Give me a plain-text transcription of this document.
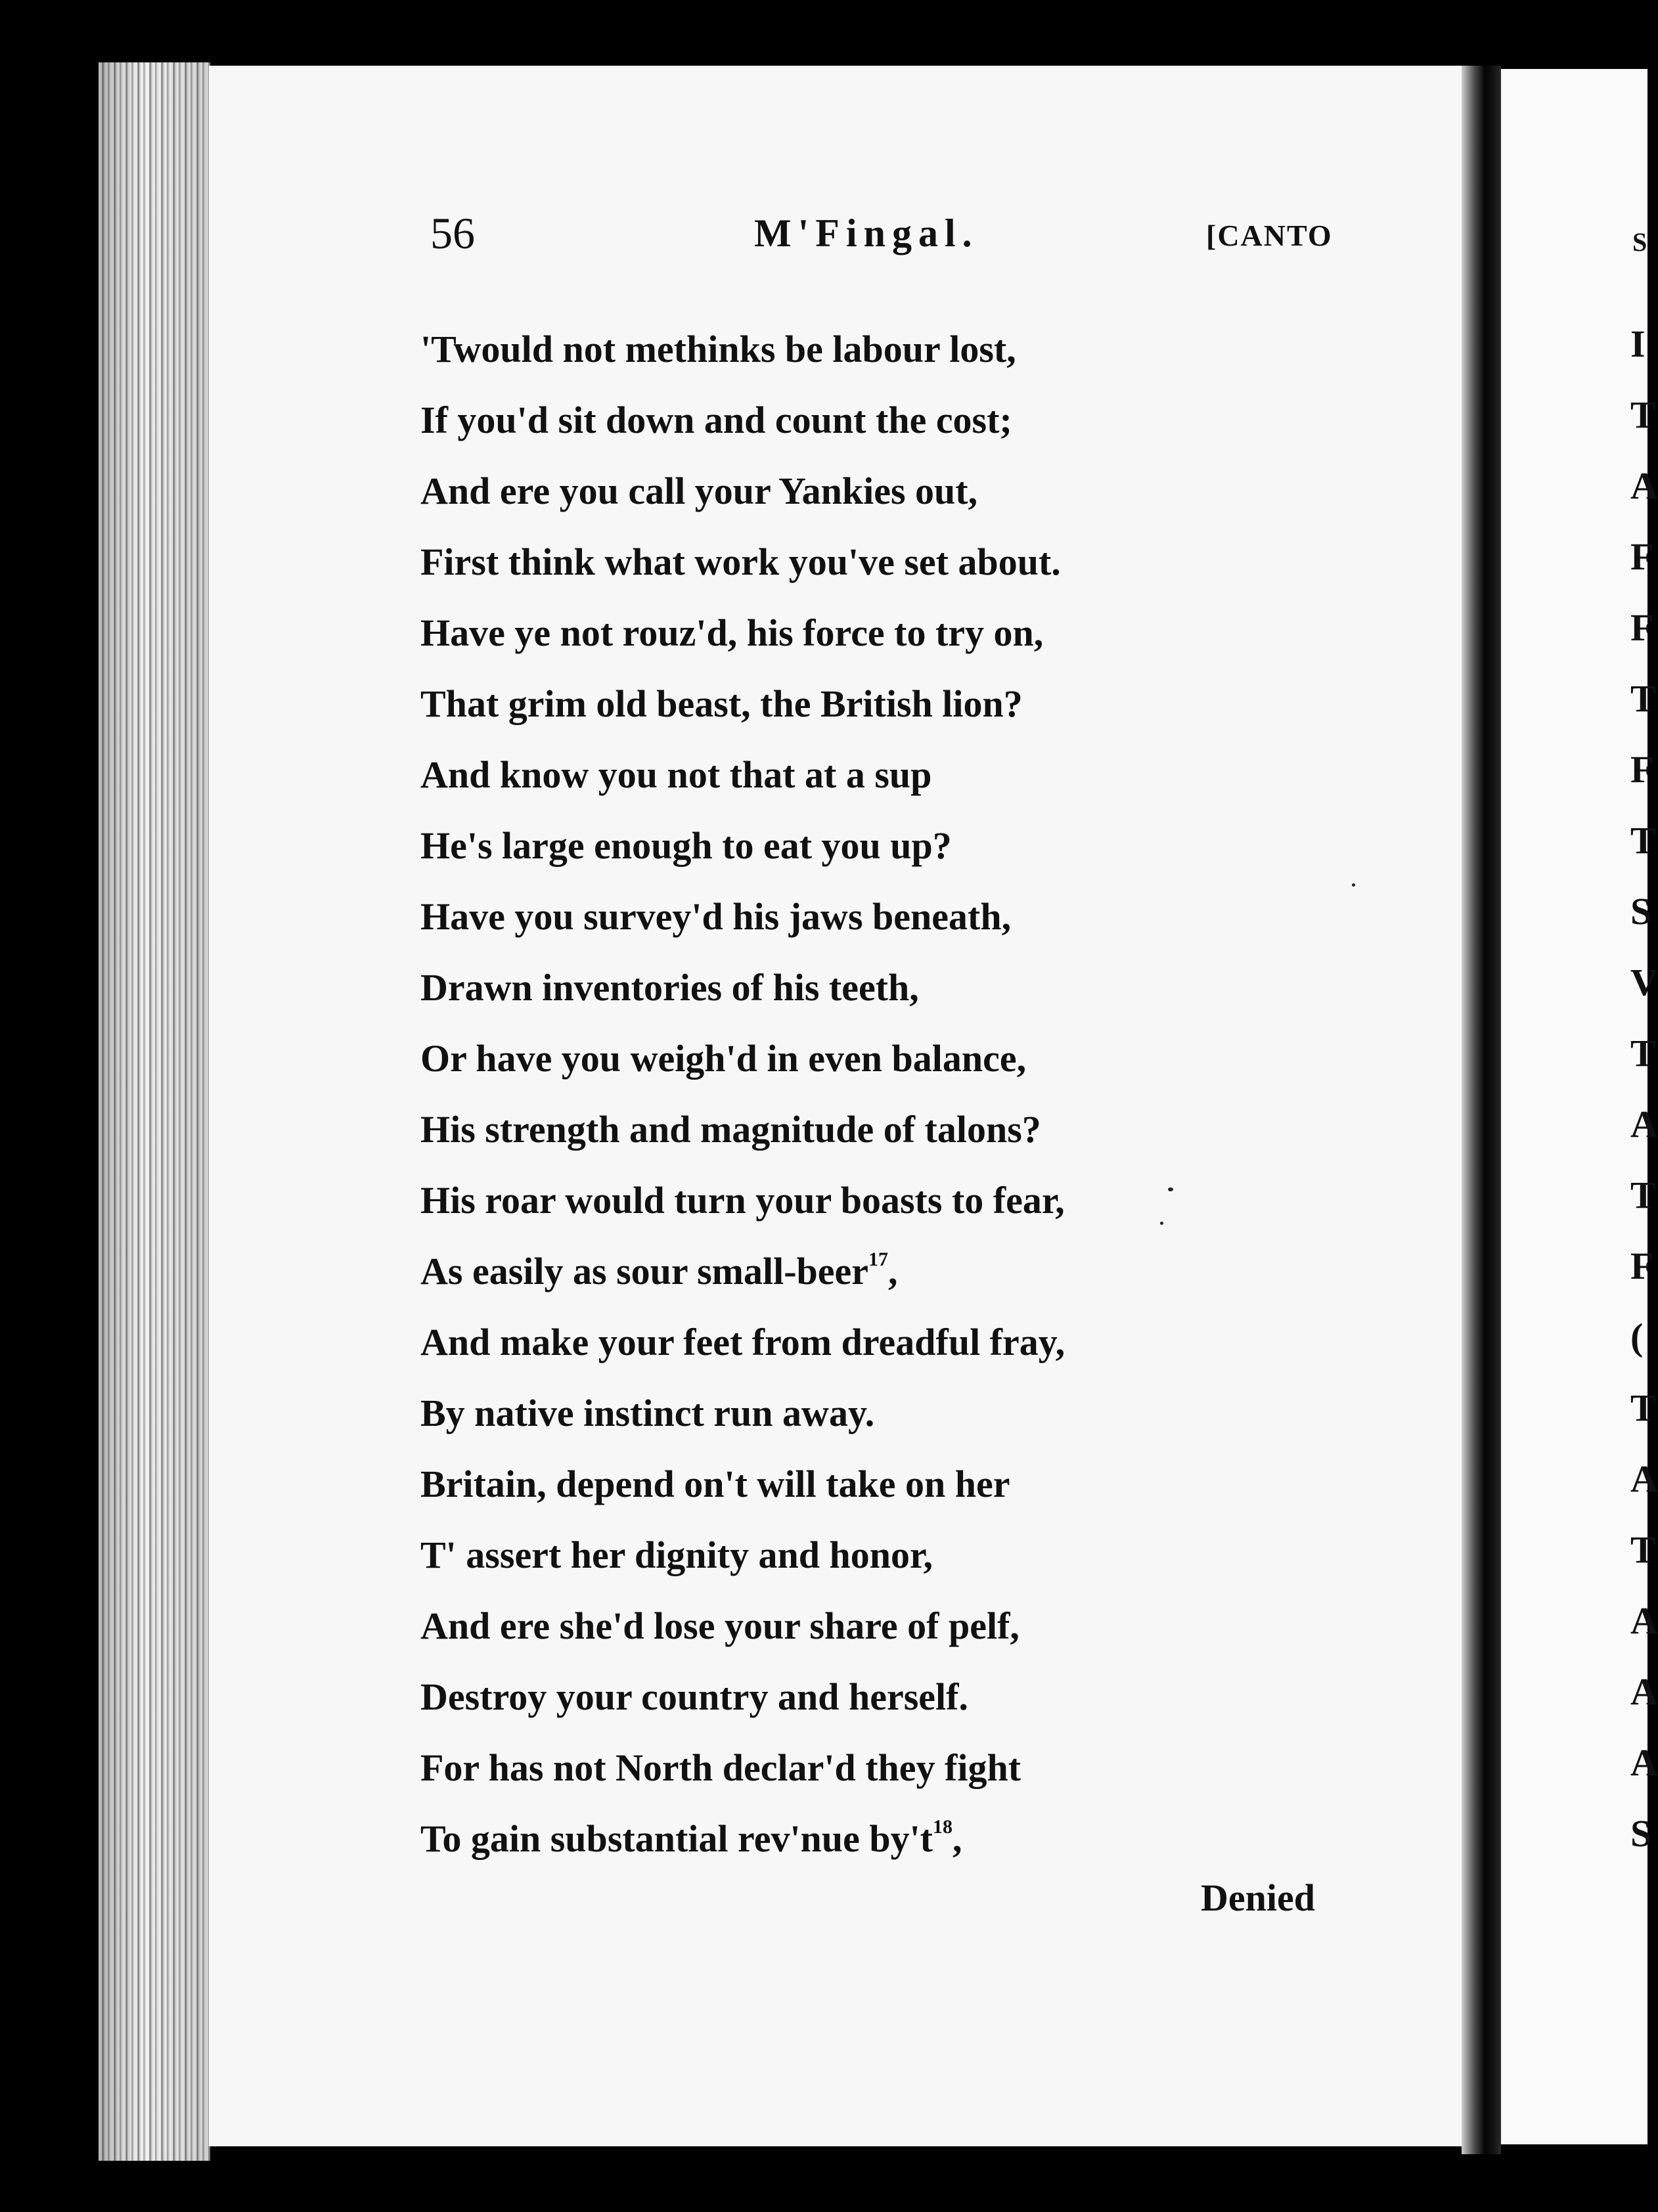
S
I
T
A
F
F
T
F
T
S
V
T
A
T
F
(
T
A
T
A
A
A
S
56	M'Fingal.	[CANTO
'Twould not methinks be labour lost,
If you'd sit down and count the cost;
And ere you call your Yankies out,
First think what work you've set about.
Have ye not rouz'd, his force to try on,
That grim old beast, the British lion?
And know you not that at a sup
He's large enough to eat you up?
Have you survey'd his jaws beneath,
Drawn inventories of his teeth,
Or have you weigh'd in even balance,
His strength and magnitude of talons?
His roar would turn your boasts to fear,
As easily as sour small-beer$^{17}$,
And make your feet from dreadful fray,
By native instinct run away.
Britain, depend on't will take on her
T' assert her dignity and honor,
And ere she'd lose your share of pelf,
Destroy your country and herself.
For has not North declar'd they fight
To gain substantial rev'nue $by't^{18}$,
Denied
